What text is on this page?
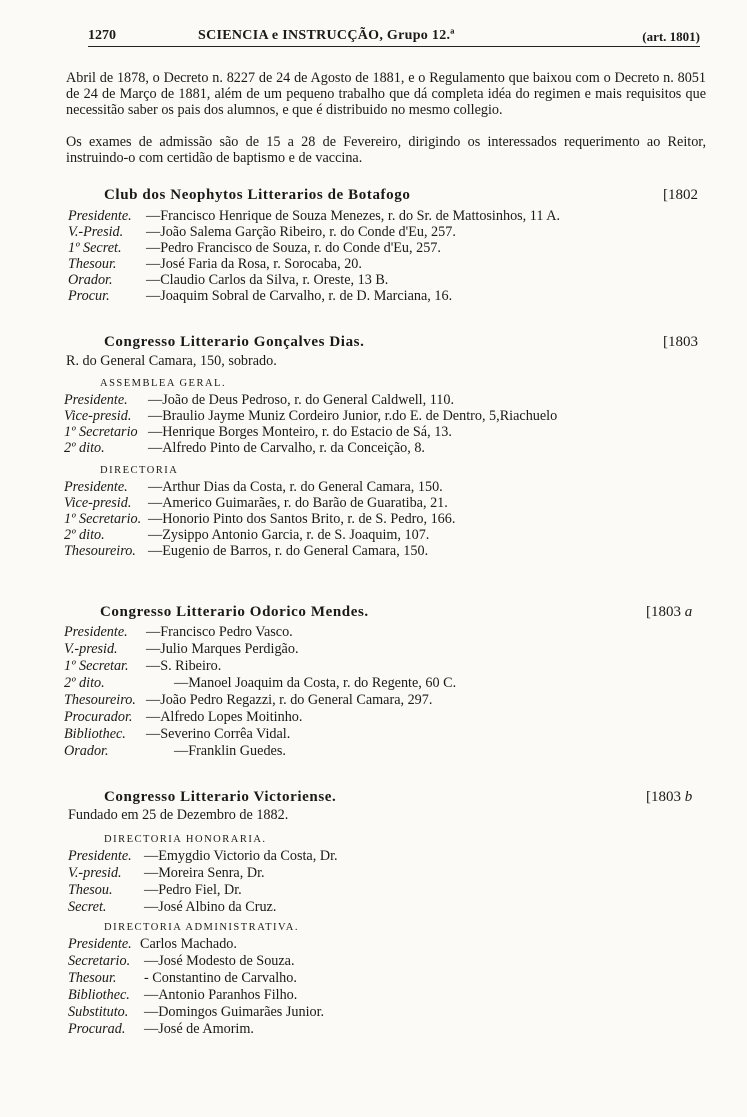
1270	SCIENCIA e INSTRUCÇÃO, Grupo 12.ª	(art. 1801)
Abril de 1878, o Decreto n. 8227 de 24 de Agosto de 1881, e o Regulamento que baixou com o Decreto n. 8051 de 24 de Março de 1881, além de um pequeno trabalho que dá completa idéa do regimen e mais requisitos que necessitão saber os pais dos alumnos, e que é distribuido no mesmo collegio.
Os exames de admissão são de 15 a 28 de Fevereiro, dirigindo os interessados requerimento ao Reitor, instruindo-o com certidão de baptismo e de vaccina.
Club dos Neophytos Litterarios de Botafogo	[1802
Presidente. —Francisco Henrique de Souza Menezes, r. do Sr. de Mattosinhos, 11 A.
V.-Presid. —João Salema Garção Ribeiro, r. do Conde d'Eu, 257.
1º Secret. —Pedro Francisco de Souza, r. do Conde d'Eu, 257.
Thesour. —José Faria da Rosa, r. Sorocaba, 20.
Orador. —Claudio Carlos da Silva, r. Oreste, 13 B.
Procur.	—Joaquim Sobral de Carvalho, r. de D. Marciana, 16.
Congresso Litterario Gonçalves Dias.	[1803
R. do General Camara, 150, sobrado.
ASSEMBLEA GERAL.
Presidente. —João de Deus Pedroso, r. do General Caldwell, 110.
Vice-presid. —Braulio Jayme Muniz Cordeiro Junior, r.do E. de Dentro, 5,Riachuelo
1º Secretario —Henrique Borges Monteiro, r. do Estacio de Sá, 13.
2º dito.	—Alfredo Pinto de Carvalho, r. da Conceição, 8.
DIRECTORIA
Presidente. —Arthur Dias da Costa, r. do General Camara, 150.
Vice-presid. —Americo Guimarães, r. do Barão de Guaratiba, 21.
1º Secretario. —Honorio Pinto dos Santos Brito, r. de S. Pedro, 166.
2º dito.	—Zysippo Antonio Garcia, r. de S. Joaquim, 107.
Thesoureiro. —Eugenio de Barros, r. do General Camara, 150.
Congresso Litterario Odorico Mendes.	[1803 a
Presidente. —Francisco Pedro Vasco.
V.-presid. —Julio Marques Perdigão.
1º Secretar. —S. Ribeiro.
2º dito.	—Manoel Joaquim da Costa, r. do Regente, 60 C.
Thesoureiro. —João Pedro Regazzi, r. do General Camara, 297.
Procurador. —Alfredo Lopes Moitinho.
Bibliothec. —Severino Corrêa Vidal.
Orador.	—Franklin Guedes.
Congresso Litterario Victoriense.	[1803 b
Fundado em 25 de Dezembro de 1882.
DIRECTORIA HONORARIA.
Presidente. —Emygdio Victorio da Costa, Dr.
V.-presid. —Moreira Senra, Dr.
Thesou. —Pedro Fiel, Dr.
Secret.	—José Albino da Cruz.
DIRECTORIA ADMINISTRATIVA.
Presidente. Carlos Machado.
Secretario. —José Modesto de Souza.
Thesour. - Constantino de Carvalho.
Bibliothec. —Antonio Paranhos Filho.
Substituto. —Domingos Guimarães Junior.
Procurad. —José de Amorim.
